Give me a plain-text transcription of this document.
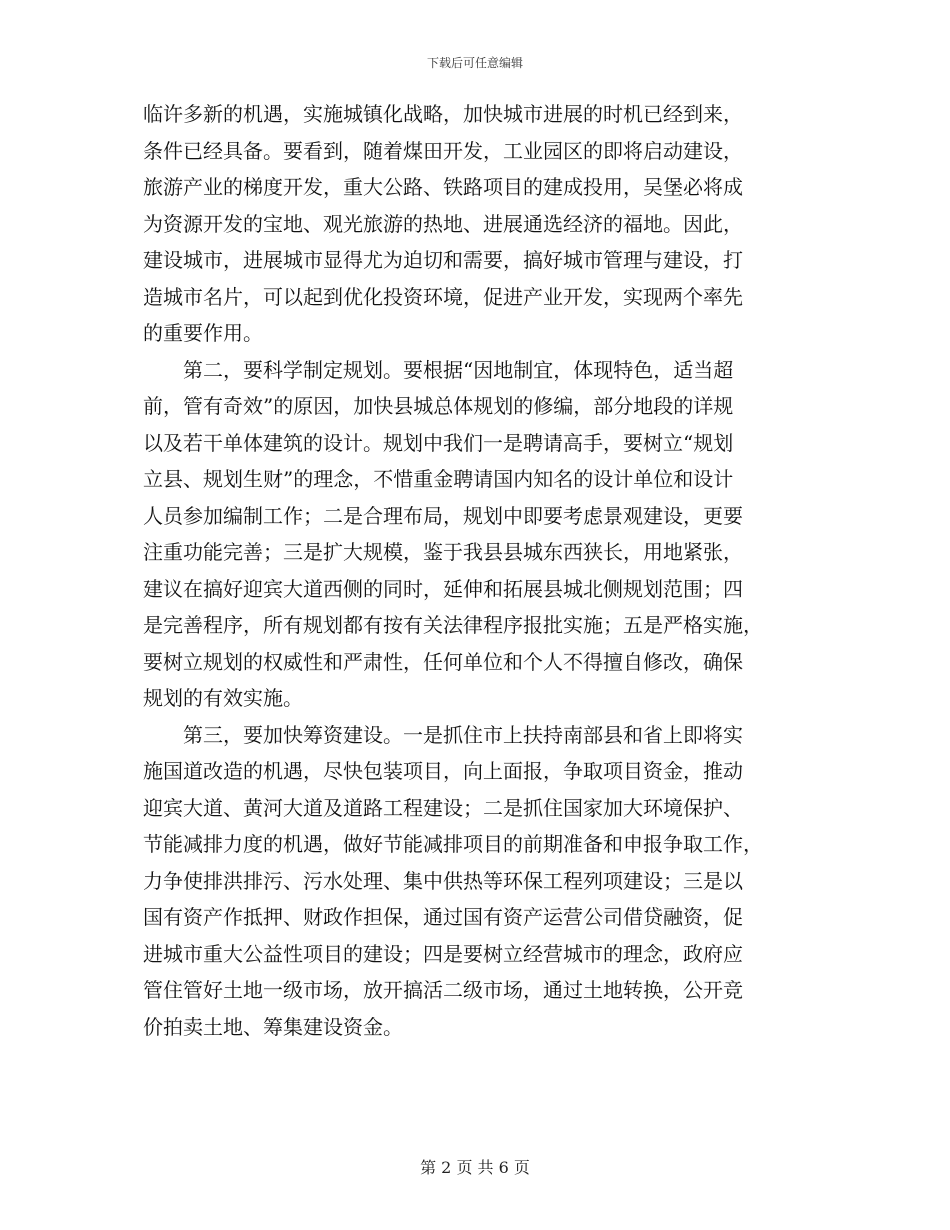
下载后可任意编辑
临许多新的机遇，实施城镇化战略，加快城市进展的时机已经到来，
条件已经具备。要看到，随着煤田开发，工业园区的即将启动建设，
旅游产业的梯度开发，重大公路、铁路项目的建成投用，吴堡必将成
为资源开发的宝地、观光旅游的热地、进展通选经济的福地。因此，
建设城市，进展城市显得尤为迫切和需要，搞好城市管理与建设，打
造城市名片，可以起到优化投资环境，促进产业开发，实现两个率先
的重要作用。
　　第二，要科学制定规划。要根据“因地制宜，体现特色，适当超
前，管有奇效”的原因，加快县城总体规划的修编，部分地段的详规
以及若干单体建筑的设计。规划中我们一是聘请高手，要树立“规划
立县、规划生财”的理念，不惜重金聘请国内知名的设计单位和设计
人员参加编制工作；二是合理布局，规划中即要考虑景观建设，更要
注重功能完善；三是扩大规模，鉴于我县县城东西狭长，用地紧张，
建议在搞好迎宾大道西侧的同时，延伸和拓展县城北侧规划范围；四
是完善程序，所有规划都有按有关法律程序报批实施；五是严格实施，
要树立规划的权威性和严肃性，任何单位和个人不得擅自修改，确保
规划的有效实施。
　　第三，要加快筹资建设。一是抓住市上扶持南部县和省上即将实
施国道改造的机遇，尽快包装项目，向上面报，争取项目资金，推动
迎宾大道、黄河大道及道路工程建设；二是抓住国家加大环境保护、
节能减排力度的机遇，做好节能减排项目的前期准备和申报争取工作，
力争使排洪排污、污水处理、集中供热等环保工程列项建设；三是以
国有资产作抵押、财政作担保，通过国有资产运营公司借贷融资，促
进城市重大公益性项目的建设；四是要树立经营城市的理念，政府应
管住管好土地一级市场，放开搞活二级市场，通过土地转换，公开竞
价拍卖土地、筹集建设资金。
第 2 页 共 6 页
